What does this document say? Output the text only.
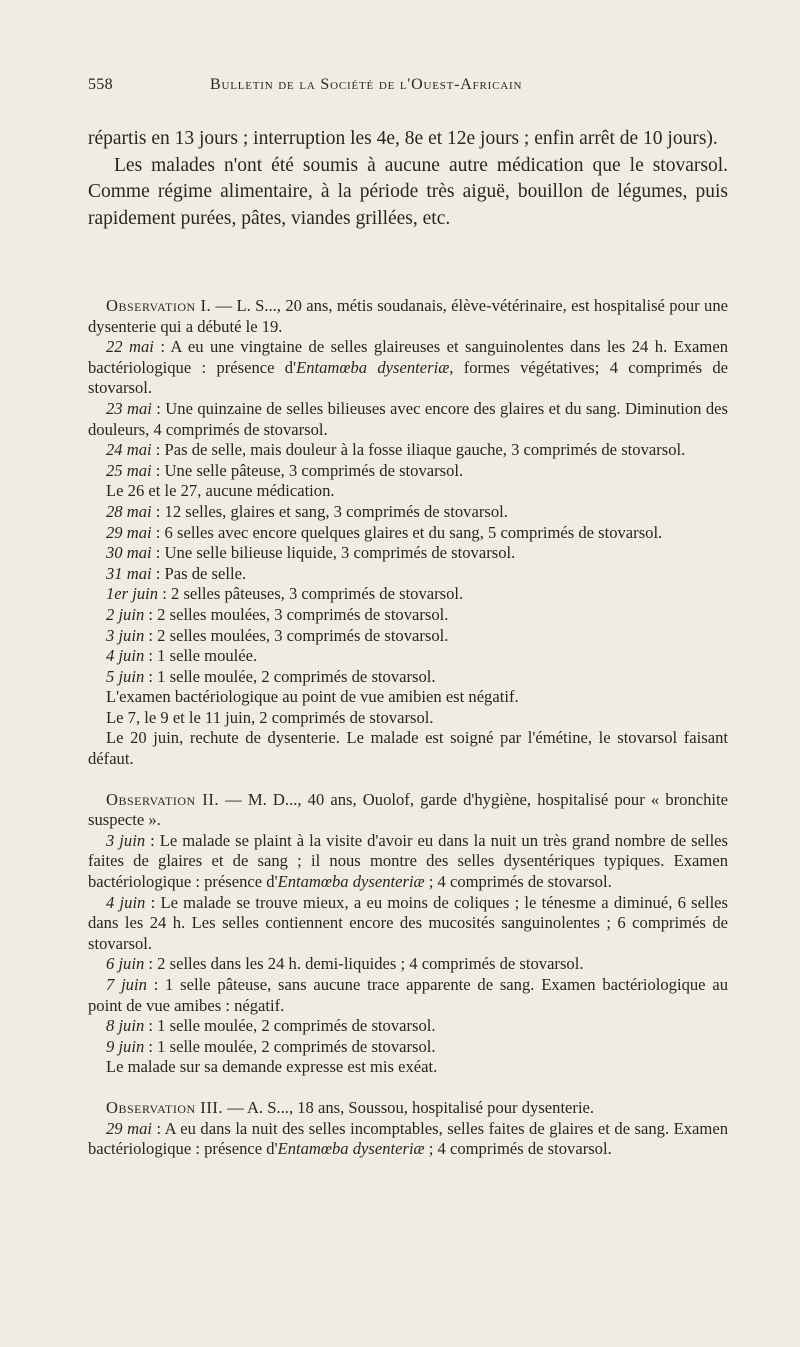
558	Bulletin de la Société de l'Ouest-Africain

répartis en 13 jours ; interruption les 4e, 8e et 12e jours ; enfin arrêt de 10 jours).

Les malades n'ont été soumis à aucune autre médication que le stovarsol. Comme régime alimentaire, à la période très aiguë, bouillon de légumes, puis rapidement purées, pâtes, viandes grillées, etc.

Observation I. — L. S..., 20 ans, métis soudanais, élève-vétérinaire, est hospitalisé pour une dysenterie qui a débuté le 19.

22 mai : A eu une vingtaine de selles glaireuses et sanguinolentes dans les 24 h. Examen bactériologique : présence d'Entamœba dysenteriæ, formes végétatives; 4 comprimés de stovarsol.

23 mai : Une quinzaine de selles bilieuses avec encore des glaires et du sang. Diminution des douleurs, 4 comprimés de stovarsol.

24 mai : Pas de selle, mais douleur à la fosse iliaque gauche, 3 comprimés de stovarsol.

25 mai : Une selle pâteuse, 3 comprimés de stovarsol.

Le 26 et le 27, aucune médication.

28 mai : 12 selles, glaires et sang, 3 comprimés de stovarsol.

29 mai : 6 selles avec encore quelques glaires et du sang, 5 comprimés de stovarsol.

30 mai : Une selle bilieuse liquide, 3 comprimés de stovarsol.

31 mai : Pas de selle.

1er juin : 2 selles pâteuses, 3 comprimés de stovarsol.

2 juin : 2 selles moulées, 3 comprimés de stovarsol.

3 juin : 2 selles moulées, 3 comprimés de stovarsol.

4 juin : 1 selle moulée.

5 juin : 1 selle moulée, 2 comprimés de stovarsol.

L'examen bactériologique au point de vue amibien est négatif.

Le 7, le 9 et le 11 juin, 2 comprimés de stovarsol.

Le 20 juin, rechute de dysenterie. Le malade est soigné par l'émétine, le stovarsol faisant défaut.

Observation II. — M. D..., 40 ans, Ouolof, garde d'hygiène, hospitalisé pour « bronchite suspecte ».

3 juin : Le malade se plaint à la visite d'avoir eu dans la nuit un très grand nombre de selles faites de glaires et de sang ; il nous montre des selles dysentériques typiques. Examen bactériologique : présence d'Entamœba dysenteriæ ; 4 comprimés de stovarsol.

4 juin : Le malade se trouve mieux, a eu moins de coliques ; le ténesme a diminué, 6 selles dans les 24 h. Les selles contiennent encore des mucosités sanguinolentes ; 6 comprimés de stovarsol.

6 juin : 2 selles dans les 24 h. demi-liquides ; 4 comprimés de stovarsol.

7 juin : 1 selle pâteuse, sans aucune trace apparente de sang. Examen bactériologique au point de vue amibes : négatif.

8 juin : 1 selle moulée, 2 comprimés de stovarsol.

9 juin : 1 selle moulée, 2 comprimés de stovarsol.

Le malade sur sa demande expresse est mis exéat.

Observation III. — A. S..., 18 ans, Soussou, hospitalisé pour dysenterie.

29 mai : A eu dans la nuit des selles incomptables, selles faites de glaires et de sang. Examen bactériologique : présence d'Entamœba dysenteriæ ; 4 comprimés de stovarsol.
